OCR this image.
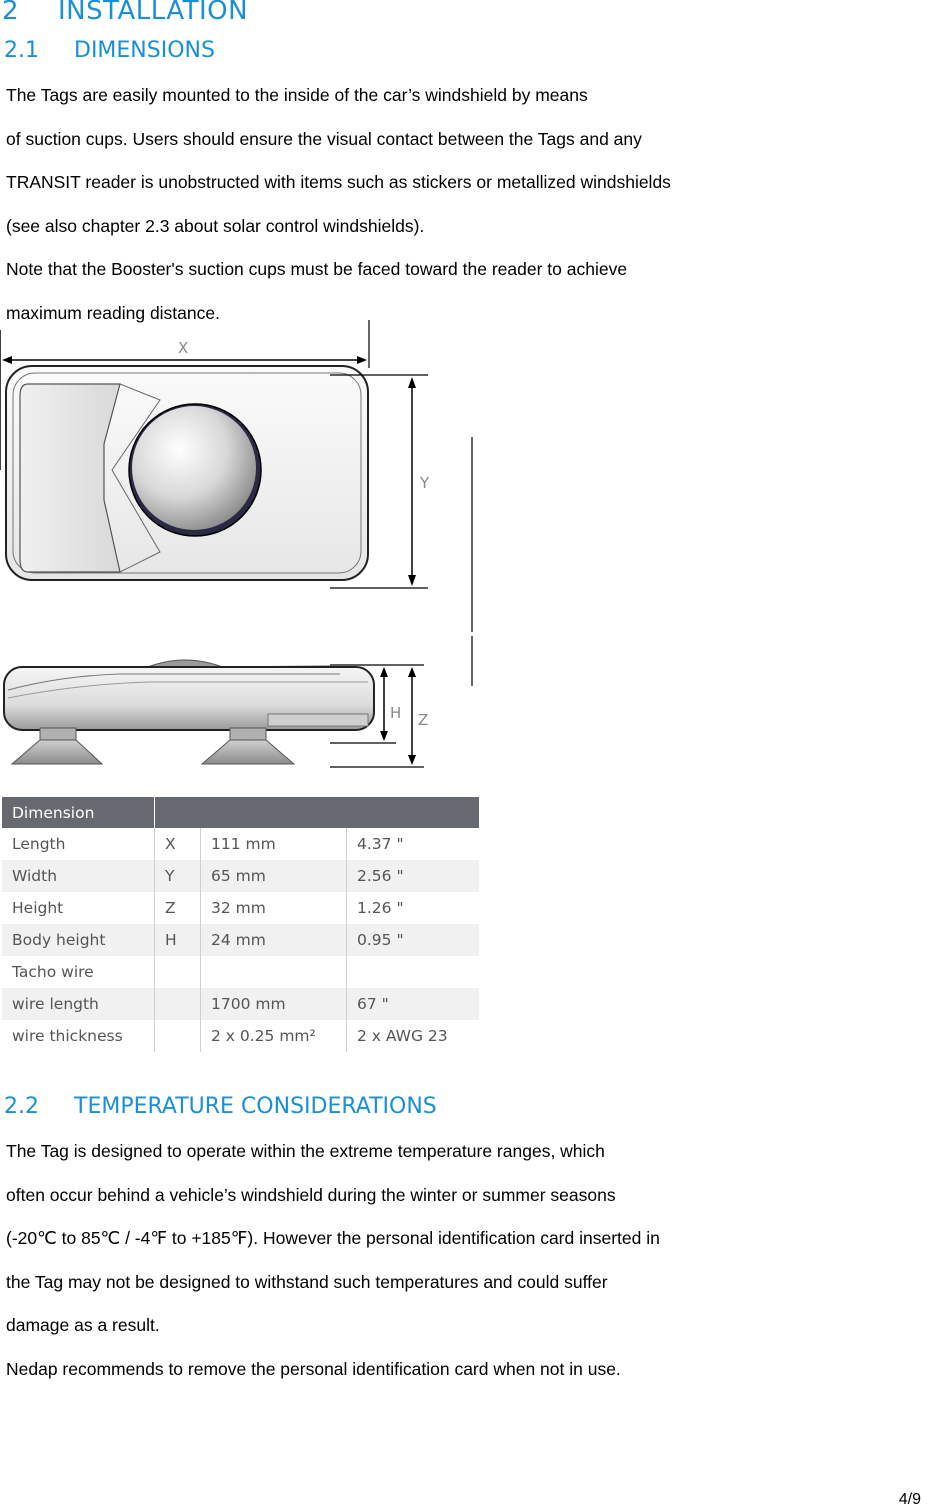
2 INSTALLATION
2.1 DIMENSIONS

The Tags are easily mounted to the inside of the car’s windshield by means

of suction cups. Users should ensure the visual contact between the Tags and any

TRANSIT reader is unobstructed with items such as stickers or metallized windshields

(see also chapter 2.3 about solar control windshields).

Note that the Booster's suction cups must be faced toward the reader to achieve

maximum reading distance.

X
Y
H Z
Dimension			
Length	X	111 mm	4.37 "
Width	Y	65 mm	2.56 "
Height	Z	32 mm	1.26 "
Body height	H	24 mm	0.95 "
Tacho wire			
wire length		1700 mm	67 "
wire thickness		2 x 0.25 mm²	2 x AWG 23
2.2 TEMPERATURE CONSIDERATIONS

The Tag is designed to operate within the extreme temperature ranges, which

often occur behind a vehicle’s windshield during the winter or summer seasons

(-20℃ to 85℃ / -4℉ to +185℉). However the personal identification card inserted in

the Tag may not be designed to withstand such temperatures and could suffer

damage as a result.

Nedap recommends to remove the personal identification card when not in use.

4/9
